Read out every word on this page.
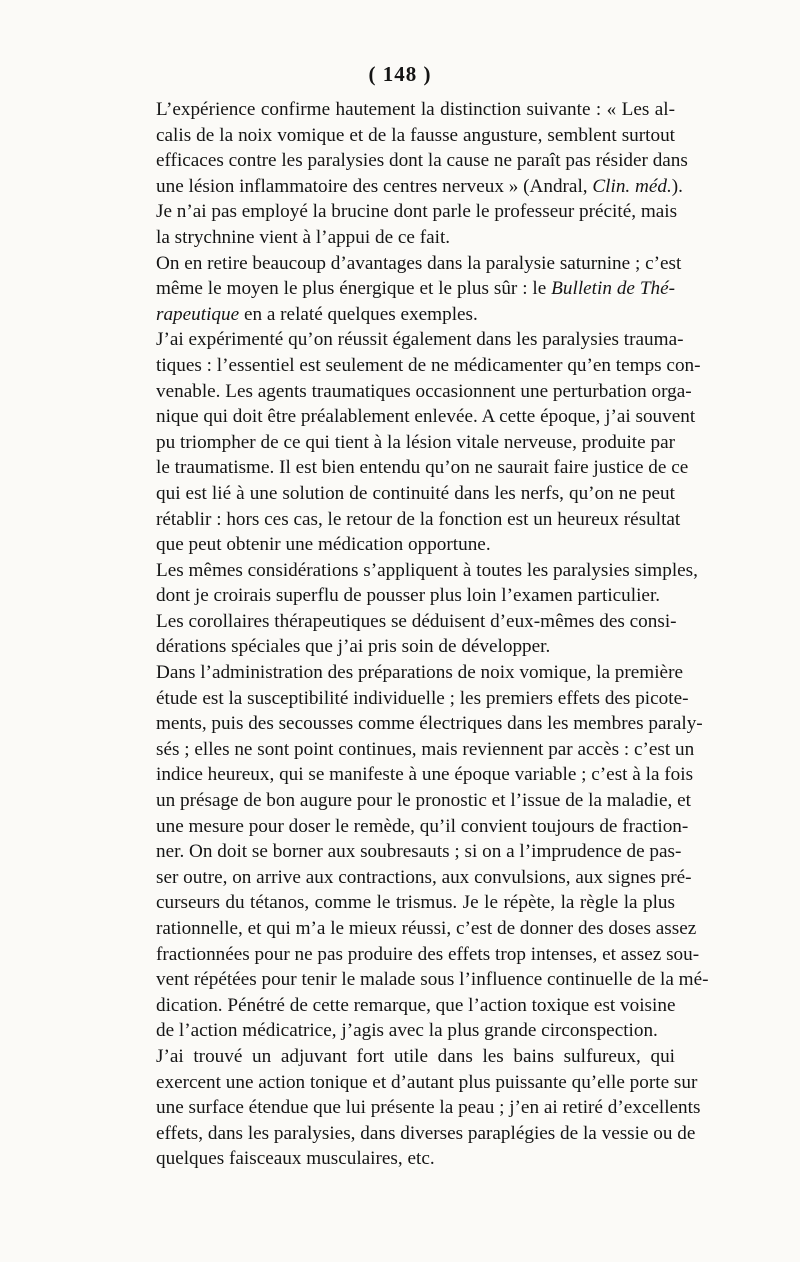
( 148 )
L’expérience confirme hautement la distinction suivante : « Les al-
calis de la noix vomique et de la fausse angusture, semblent surtout
efficaces contre les paralysies dont la cause ne paraît pas résider dans
une lésion inflammatoire des centres nerveux » (Andral, Clin. méd.).
Je n’ai pas employé la brucine dont parle le professeur précité, mais
la strychnine vient à l’appui de ce fait.
On en retire beaucoup d’avantages dans la paralysie saturnine ; c’est
même le moyen le plus énergique et le plus sûr : le Bulletin de Thé-
rapeutique en a relaté quelques exemples.
J’ai expérimenté qu’on réussit également dans les paralysies trauma-
tiques : l’essentiel est seulement de ne médicamenter qu’en temps con-
venable. Les agents traumatiques occasionnent une perturbation orga-
nique qui doit être préalablement enlevée. A cette époque, j’ai souvent
pu triompher de ce qui tient à la lésion vitale nerveuse, produite par
le traumatisme. Il est bien entendu qu’on ne saurait faire justice de ce
qui est lié à une solution de continuité dans les nerfs, qu’on ne peut
rétablir : hors ces cas, le retour de la fonction est un heureux résultat
que peut obtenir une médication opportune.
Les mêmes considérations s’appliquent à toutes les paralysies simples,
dont je croirais superflu de pousser plus loin l’examen particulier.
Les corollaires thérapeutiques se déduisent d’eux-mêmes des consi-
dérations spéciales que j’ai pris soin de développer.
Dans l’administration des préparations de noix vomique, la première
étude est la susceptibilité individuelle ; les premiers effets des picote-
ments, puis des secousses comme électriques dans les membres paraly-
sés ; elles ne sont point continues, mais reviennent par accès : c’est un
indice heureux, qui se manifeste à une époque variable ; c’est à la fois
un présage de bon augure pour le pronostic et l’issue de la maladie, et
une mesure pour doser le remède, qu’il convient toujours de fraction-
ner. On doit se borner aux soubresauts ; si on a l’imprudence de pas-
ser outre, on arrive aux contractions, aux convulsions, aux signes pré-
curseurs du tétanos, comme le trismus. Je le répète, la règle la plus
rationnelle, et qui m’a le mieux réussi, c’est de donner des doses assez
fractionnées pour ne pas produire des effets trop intenses, et assez sou-
vent répétées pour tenir le malade sous l’influence continuelle de la mé-
dication. Pénétré de cette remarque, que l’action toxique est voisine
de l’action médicatrice, j’agis avec la plus grande circonspection.
J’ai trouvé un adjuvant fort utile dans les bains sulfureux, qui
exercent une action tonique et d’autant plus puissante qu’elle porte sur
une surface étendue que lui présente la peau ; j’en ai retiré d’excellents
effets, dans les paralysies, dans diverses paraplégies de la vessie ou de
quelques faisceaux musculaires, etc.
